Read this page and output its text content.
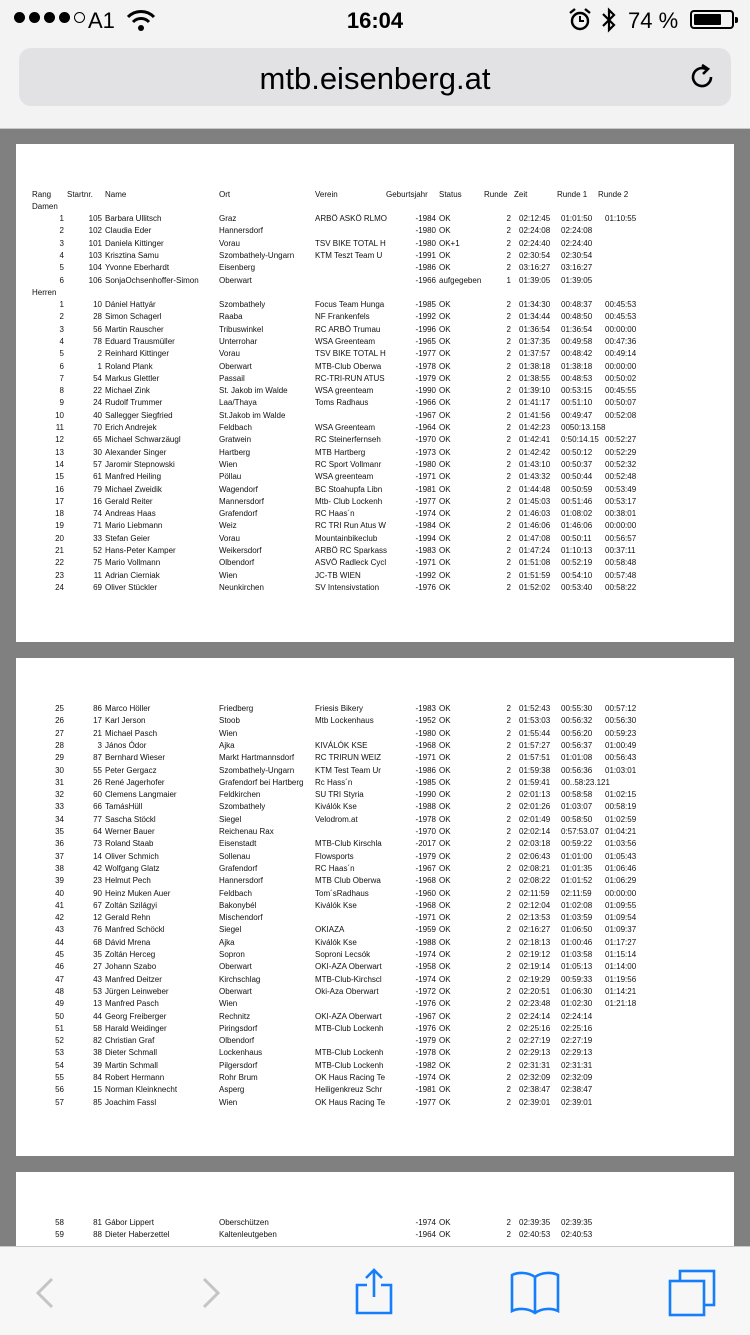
A1	16:04	74 %
mtb.eisenberg.at
Rang Startnr. Name	Ort	Verein	Geburtsjahr Status	Runde Zeit	Runde 1 Runde 2
Damen
1	105 Barbara Ullitsch	Graz	ARBÖ ASKÖ RLMO	-1984 OK	2 02:12:45	01:01:50	01:10:55
2	102 Claudia Eder	Hannersdorf	-1980 OK	2 02:24:08	02:24:08
3	101 Daniela Kittinger	Vorau	TSV BIKE TOTAL H	-1980 OK+1	2 02:24:40	02:24:40
4	103 Krisztina Samu	Szombathely-Ungarn	KTM Teszt Team U	-1991 OK	2 02:30:54	02:30:54
5	104 Yvonne Eberhardt	Eisenberg	-1986 OK	2 03:16:27	03:16:27
6	106 SonjaOchsenhoffer-Simon	Oberwart	-1966 aufgegeben	1 01:39:05	01:39:05
Herren
1	10 Dániel Hattyár	Szombathely	Focus Team Hunga	-1985 OK	2 01:34:30	00:48:37	00:45:53
2	28 Simon Schagerl	Raaba	NF Frankenfels	-1992 OK	2 01:34:44	00:48:50	00:45:53
3	56 Martin Rauscher	Tribuswinkel	RC ARBÖ Trumau	-1996 OK	2 01:36:54	01:36:54	00:00:00
4	78 Eduard Trausmüller	Unterrohar	WSA Greenteam	-1965 OK	2 01:37:35	00:49:58	00:47:36
5	2 Reinhard Kittinger	Vorau	TSV BIKE TOTAL H	-1977 OK	2 01:37:57	00:48:42	00:49:14
6	1 Roland Plank	Oberwart	MTB-Club Oberwa	-1978 OK	2 01:38:18	01:38:18	00:00:00
7	54 Markus Glettler	Passail	RC-TRI-RUN ATUS	-1979 OK	2 01:38:55	00:48:53	00:50:02
8	22 Michael Zink	St. Jakob im Walde	WSA greenteam	-1990 OK	2 01:39:10	00:53:15	00:45:55
9	24 Rudolf Trummer	Laa/Thaya	Toms Radhaus	-1966 OK	2 01:41:17	00:51:10	00:50:07
10	40 Sallegger Siegfried	St.Jakob im Walde	-1967 OK	2 01:41:56	00:49:47	00:52:08
11	70 Erich Andrejek	Feldbach	WSA Greenteam	-1964 OK	2 01:42:23	0050:13.158
12	65 Michael Schwarzäugl	Gratwein	RC Steinerfernseh	-1970 OK	2 01:42:41	0:50:14.15 00:52:27
13	30 Alexander Singer	Hartberg	MTB Hartberg	-1973 OK	2 01:42:42	00:50:12	00:52:29
14	57 Jaromir Stepnowski	Wien	RC Sport Vollmanr	-1980 OK	2 01:43:10	00:50:37	00:52:32
15	61 Manfred Heiling	Pöllau	WSA greenteam	-1971 OK	2 01:43:32	00:50:44	00:52:48
16	79 Michael Zweidik	Wagendorf	BC Stoahupfa Libn	-1981 OK	2 01:44:48	00:50:59	00:53:49
17	16 Gerald Reiter	Mannersdorf	Mtb- Club Lockenh	-1977 OK	2 01:45:03	00:51:46	00:53:17
18	74 Andreas Haas	Grafendorf	RC Haas´n	-1974 OK	2 01:46:03	01:08:02	00:38:01
19	71 Mario Liebmann	Weiz	RC TRI Run Atus W	-1984 OK	2 01:46:06	01:46:06	00:00:00
20	33 Stefan Geier	Vorau	Mountainbikeclub	-1994 OK	2 01:47:08	00:50:11	00:56:57
21	52 Hans-Peter Kamper	Weikersdorf	ARBÖ RC Sparkass	-1983 OK	2 01:47:24	01:10:13	00:37:11
22	75 Mario Vollmann	Olbendorf	ASVÖ Radleck Cycl	-1971 OK	2 01:51:08	00:52:19	00:58:48
23	11 Adrian Cierniak	Wien	JC-TB WIEN	-1992 OK	2 01:51:59	00:54:10	00:57:48
24	69 Oliver Stückler	Neunkirchen	SV Intensivstation	-1976 OK	2 01:52:02	00:53:40	00:58:22
25	86 Marco Höller	Friedberg	Friesis Bikery	-1983 OK	2 01:52:43	00:55:30	00:57:12
26	17 Karl Jerson	Stoob	Mtb Lockenhaus	-1952 OK	2 01:53:03	00:56:32	00:56:30
27	21 Michael Pasch	Wien	-1980 OK	2 01:55:44	00:56:20	00:59:23
28	3 János Ódor	Ajka	KIVÁLÓK KSE	-1968 OK	2 01:57:27	00:56:37	01:00:49
29	87 Bernhard Wieser	Markt Hartmannsdorf	RC TRIRUN WEIZ	-1971 OK	2 01:57:51	01:01:08	00:56:43
30	55 Peter Gergacz	Szombathely-Ungarn	KTM Test Team Ur	-1986 OK	2 01:59:38	00:56:36	01:03:01
31	26 René Jagerhofer	Grafendorf bei Hartberg	Rc Hass´n	-1985 OK	2 01:59:41	00..58:23.121
32	60 Clemens Langmaier	Feldkirchen	SU TRI Styria	-1990 OK	2 02:01:13	00:58:58	01:02:15
33	66 TamásHüll	Szombathely	Kiválók Kse	-1988 OK	2 02:01:26	01:03:07	00:58:19
34	77 Sascha Stöckl	Siegel	Velodrom.at	-1978 OK	2 02:01:49	00:58:50	01:02:59
35	64 Werner Bauer	Reichenau Rax	-1970 OK	2 02:02:14	0:57:53.07 01:04:21
36	73 Roland Staab	Eisenstadt	MTB-Club Kirschla	-2017 OK	2 02:03:18	00:59:22	01:03:56
37	14 Oliver Schmich	Sollenau	Flowsports	-1979 OK	2 02:06:43	01:01:00	01:05:43
38	42 Wolfgang Glatz	Grafendorf	RC Haas´n	-1967 OK	2 02:08:21	01:01:35	01:06:46
39	23 Helmut Pech	Hannersdorf	MTB Club Oberwa	-1968 OK	2 02:08:22	01:01:52	01:06:29
40	90 Heinz Muken Auer	Feldbach	Tom´sRadhaus	-1960 OK	2 02:11:59	02:11:59	00:00:00
41	67 Zoltán Szilágyi	Bakonybél	Kiválók Kse	-1968 OK	2 02:12:04	01:02:08	01:09:55
42	12 Gerald Rehn	Mischendorf	-1971 OK	2 02:13:53	01:03:59	01:09:54
43	76 Manfred Schöckl	Siegel	OKIAZA	-1959 OK	2 02:16:27	01:06:50	01:09:37
44	68 Dávid Mrena	Ajka	Kiválók Kse	-1988 OK	2 02:18:13	01:00:46	01:17:27
45	35 Zoltán Herceg	Sopron	Soproni Lecsók	-1974 OK	2 02:19:12	01:03:58	01:15:14
46	27 Johann Szabo	Oberwart	OKI-AZA Oberwart	-1958 OK	2 02:19:14	01:05:13	01:14:00
47	43 Manfred Deitzer	Kirchschlag	MTB-Club-Kirchscl	-1974 OK	2 02:19:29	00:59:33	01:19:56
48	53 Jürgen Leinweber	Oberwart	Oki-Aza Oberwart	-1972 OK	2 02:20:51	01:06:30	01:14:21
49	13 Manfred Pasch	Wien	-1976 OK	2 02:23:48	01:02:30	01:21:18
50	44 Georg Freiberger	Rechnitz	OKI-AZA Oberwart	-1967 OK	2 02:24:14	02:24:14
51	58 Harald Weidinger	Piringsdorf	MTB-Club Lockenh	-1976 OK	2 02:25:16	02:25:16
52	82 Christian Graf	Olbendorf	-1979 OK	2 02:27:19	02:27:19
53	38 Dieter Schmall	Lockenhaus	MTB-Club Lockenh	-1978 OK	2 02:29:13	02:29:13
54	39 Martin Schmall	Pilgersdorf	MTB-Club Lockenh	-1982 OK	2 02:31:31	02:31:31
55	84 Robert Hermann	Rohr Brum	OK Haus Racing Te	-1974 OK	2 02:32:09	02:32:09
56	15 Norman Kleinknecht	Asperg	Heiligenkreuz Schr	-1981 OK	2 02:38:47	02:38:47
57	85 Joachim Fassl	Wien	OK Haus Racing Te	-1977 OK	2 02:39:01	02:39:01
58	81 Gábor Lippert	Oberschützen	-1974 OK	2 02:39:35	02:39:35
59	88 Dieter Haberzettel	Kaltenleutgeben	-1964 OK	2 02:40:53	02:40:53
